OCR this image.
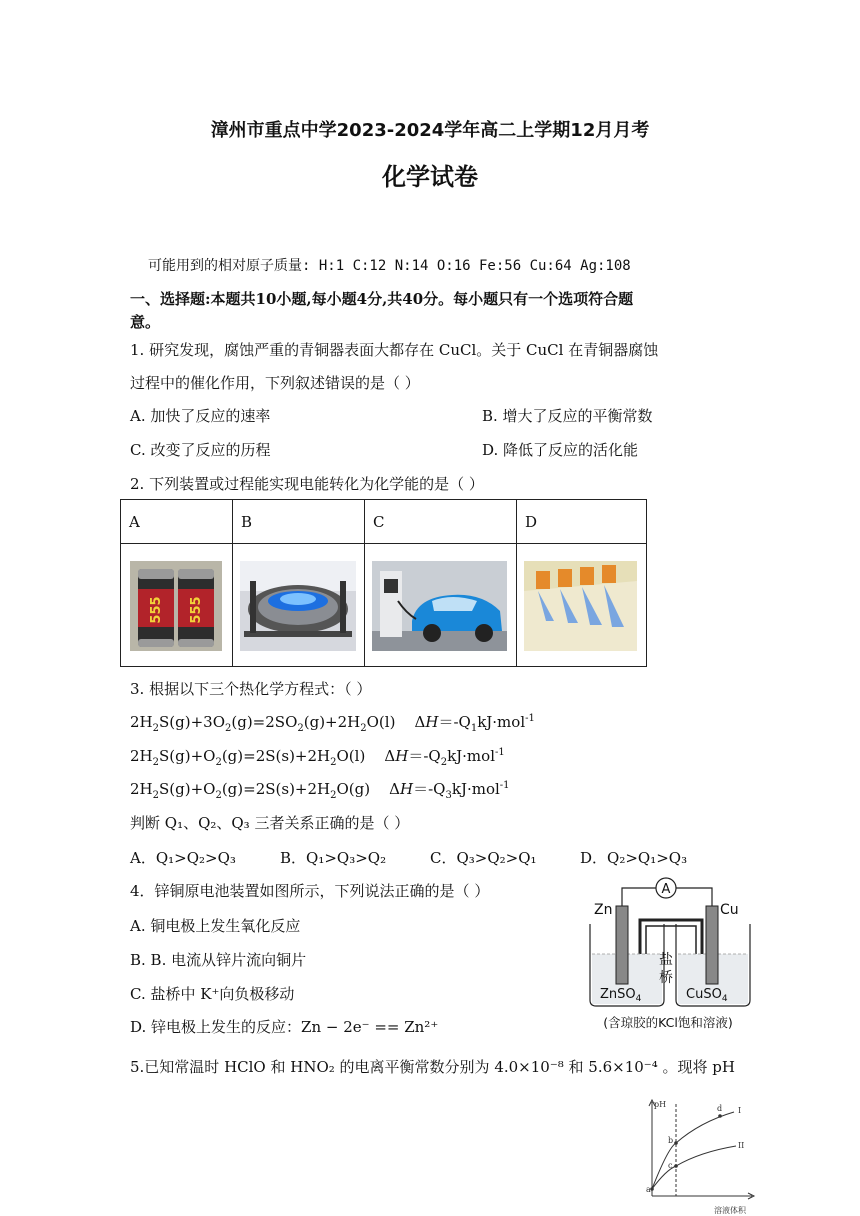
漳州市重点中学2023-2024学年高二上学期12月月考
化学试卷
可能用到的相对原子质量: H:1 C:12 N:14 O:16 Fe:56 Cu:64 Ag:108
一、选择题:本题共10小题,每小题4分,共40分。每小题只有一个选项符合题
意。
1. 研究发现，腐蚀严重的青铜器表面大都存在 CuCl。关于 CuCl 在青铜器腐蚀
过程中的催化作用，下列叙述错误的是（ ）
A. 加快了反应的速率	B. 增大了反应的平衡常数
C. 改变了反应的历程	D. 降低了反应的活化能
2. 下列装置或过程能实现电能转化为化学能的是（ ）
A	B	C	D

555 555

3. 根据以下三个热化学方程式：（ ）
$2H_2S(g)+3O_2(g)=2SO_2(g)+2H_2O(l)$    $\Delta H=-Q_1kJ\cdot mol^{-1}$
$2H_2S(g)+O_2(g)=2S(s)+2H_2O(l)$    $\Delta H=-Q_2kJ\cdot mol^{-1}$
$2H_2S(g)+O_2(g)=2S(s)+2H_2O(g)$    $\Delta H=-Q_3kJ\cdot mol^{-1}$
判断 Q₁、Q₂、Q₃ 三者关系正确的是（ ）
A．Q₁>Q₂>Q₃	B．Q₁>Q₃>Q₂	C．Q₃>Q₂>Q₁	D．Q₂>Q₁>Q₃
4．锌铜原电池装置如图所示，下列说法正确的是（ ）
A. 铜电极上发生氧化反应
B. B. 电流从锌片流向铜片
C. 盐桥中 K⁺向负极移动
D. 锌电极上发生的反应：Zn − 2e⁻ == Zn²⁺
A
Zn	Cu
盐
桥
ZnSO$_4$	CuSO$_4$
(含琼胶的KCl饱和溶液)
5.已知常温时 HClO 和 HNO₂ 的电离平衡常数分别为 4.0×10⁻⁸ 和 5.6×10⁻⁴ 。现将 pH
pH
溶液体积
I
II
a
b
c
d
